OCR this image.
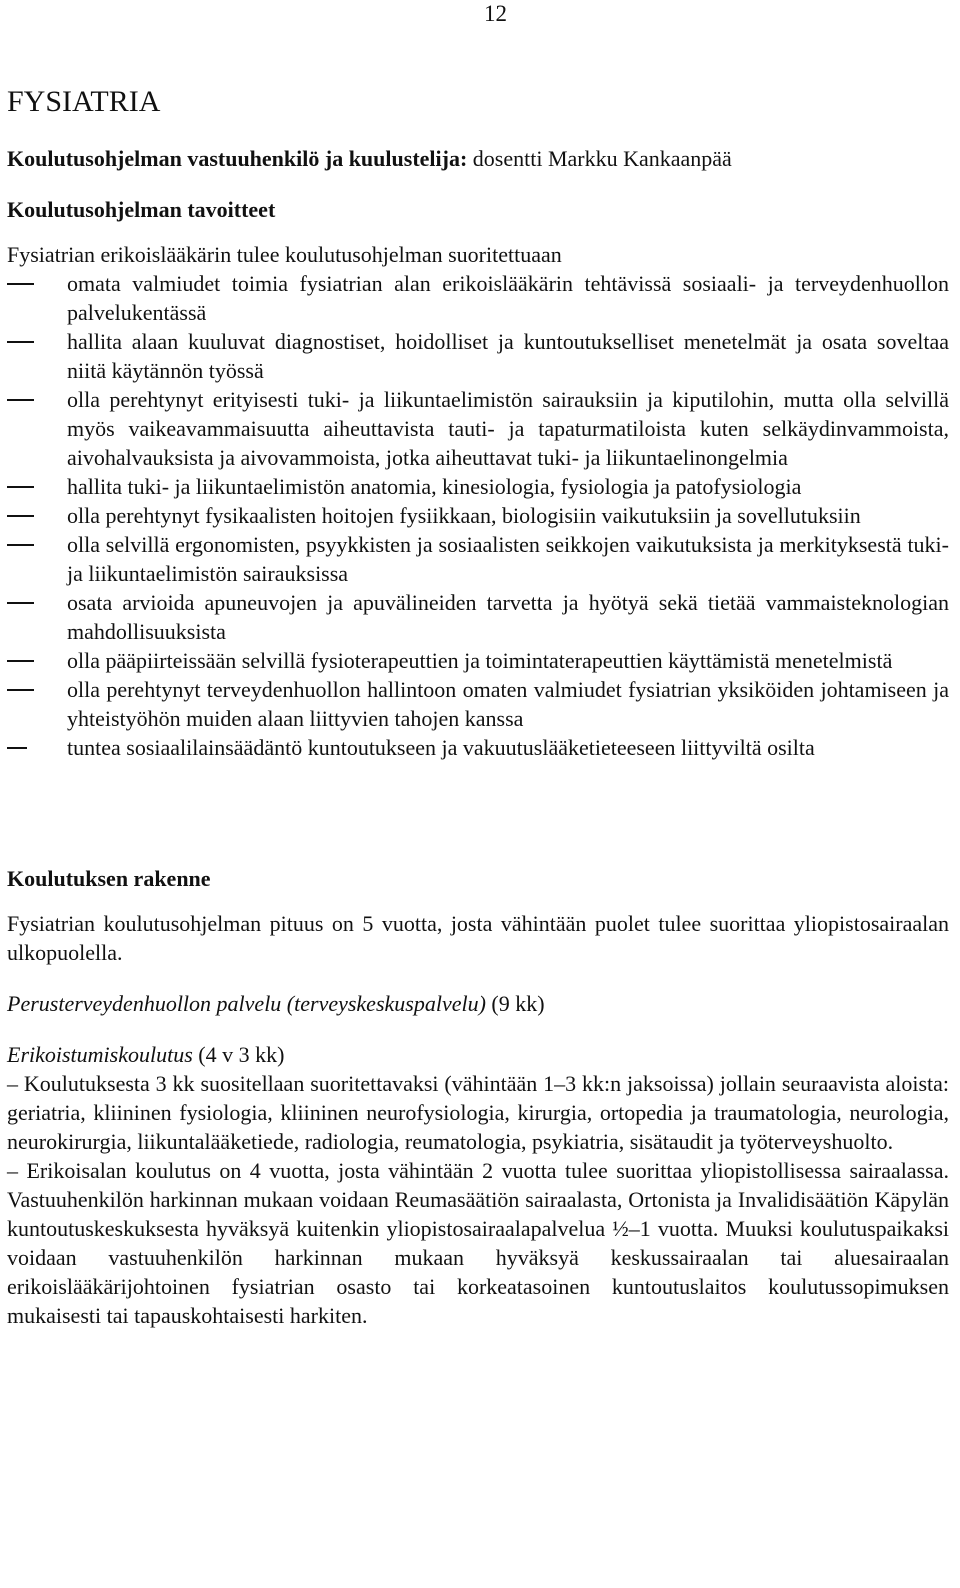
12
FYSIATRIA

Koulutusohjelman vastuuhenkilö ja kuulustelija: dosentti Markku Kankaanpää

Koulutusohjelman tavoitteet

Fysiatrian erikoislääkärin tulee koulutusohjelman suoritettuaan

omata valmiudet toimia fysiatrian alan erikoislääkärin tehtävissä sosiaali- ja terveydenhuollon palvelukentässä
hallita alaan kuuluvat diagnostiset, hoidolliset ja kuntoutukselliset menetelmät ja osata soveltaa niitä käytännön työssä
olla perehtynyt erityisesti tuki- ja liikuntaelimistön sairauksiin ja kiputilohin, mutta olla selvillä myös vaikeavammaisuutta aiheuttavista tauti- ja tapaturmatiloista kuten selkäydinvammoista, aivohalvauksista ja aivovammoista, jotka aiheuttavat tuki- ja liikuntaelinongelmia
hallita tuki- ja liikuntaelimistön anatomia, kinesiologia, fysiologia ja patofysiologia
olla perehtynyt fysikaalisten hoitojen fysiikkaan, biologisiin vaikutuksiin ja sovellutuksiin
olla selvillä ergonomisten, psyykkisten ja sosiaalisten seikkojen vaikutuksista ja merkityksestä tuki- ja liikuntaelimistön sairauksissa
osata arvioida apuneuvojen ja apuvälineiden tarvetta ja hyötyä sekä tietää vammaisteknologian mahdollisuuksista
olla pääpiirteissään selvillä fysioterapeuttien ja toimintaterapeuttien käyttämistä menetelmistä
olla perehtynyt terveydenhuollon hallintoon omaten valmiudet fysiatrian yksiköiden johtamiseen ja yhteistyöhön muiden alaan liittyvien tahojen kanssa
tuntea sosiaalilainsäädäntö kuntoutukseen ja vakuutuslääketieteeseen liittyviltä osilta

Koulutuksen rakenne

Fysiatrian koulutusohjelman pituus on 5 vuotta, josta vähintään puolet tulee suorittaa yliopistosairaalan ulkopuolella.

Perusterveydenhuollon palvelu (terveyskeskuspalvelu) (9 kk)

Erikoistumiskoulutus (4 v 3 kk)

– Koulutuksesta 3 kk suositellaan suoritettavaksi (vähintään 1–3 kk:n jaksoissa) jollain seuraavista aloista: geriatria, kliininen fysiologia, kliininen neurofysiologia, kirurgia, ortopedia ja traumatologia, neurologia, neurokirurgia, liikuntalääketiede, radiologia, reumatologia, psykiatria, sisätaudit ja työterveyshuolto.

– Erikoisalan koulutus on 4 vuotta, josta vähintään 2 vuotta tulee suorittaa yliopistollisessa sairaalassa. Vastuuhenkilön harkinnan mukaan voidaan Reumasäätiön sairaalasta, Ortonista ja Invalidisäätiön Käpylän kuntoutuskeskuksesta hyväksyä kuitenkin yliopistosairaalapalvelua ½–1 vuotta. Muuksi koulutuspaikaksi voidaan vastuuhenkilön harkinnan mukaan hyväksyä keskussairaalan tai aluesairaalan erikoislääkärijohtoinen fysiatrian osasto tai korkeatasoinen kuntoutuslaitos koulutussopimuksen mukaisesti tai tapauskohtaisesti harkiten.
